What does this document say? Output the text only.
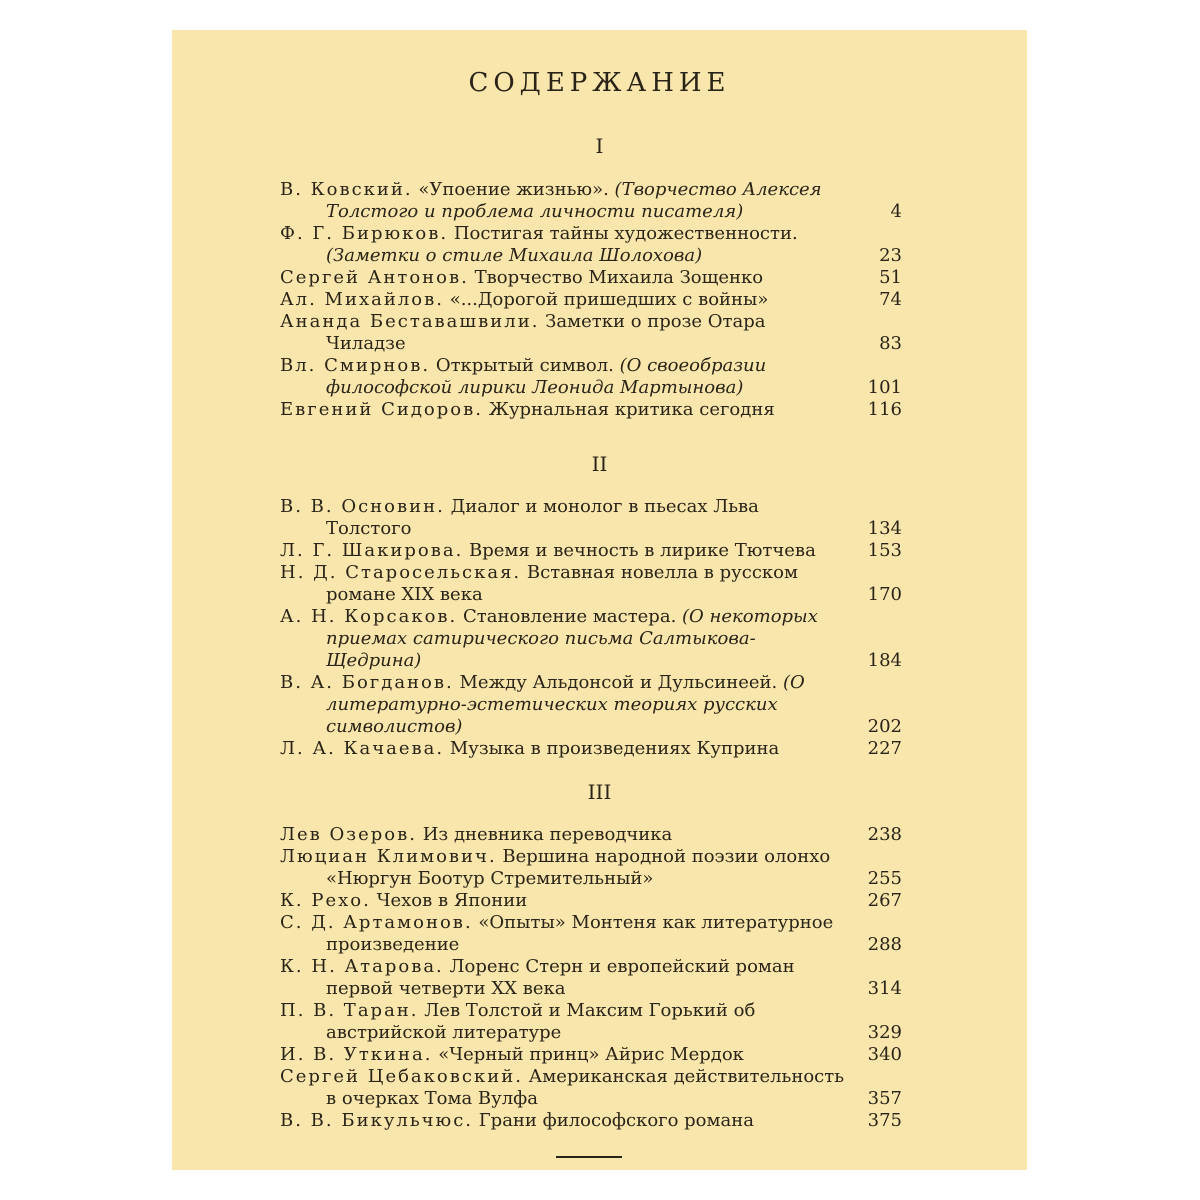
СОДЕРЖАНИЕ
I
В. Ковский. «Упоение жизнью». (Творчество Алексея Толстого и проблема личности писателя)	4
Ф. Г. Бирюков. Постигая тайны художественности. (Заметки о стиле Михаила Шолохова)	23
Сергей Антонов. Творчество Михаила Зощенко	51
Ал. Михайлов. «...Дорогой пришедших с войны»	74
Ананда Беставашвили. Заметки о прозе Отара Чиладзе	83
Вл. Смирнов. Открытый символ. (О своеобразии философской лирики Леонида Мартынова)	101
Евгений Сидоров. Журнальная критика сегодня	116
II
В. В. Основин. Диалог и монолог в пьесах Льва Толстого	134
Л. Г. Шакирова. Время и вечность в лирике Тютчева	153
Н. Д. Старосельская. Вставная новелла в русском романе XIX века	170
А. Н. Корсаков. Становление мастера. (О некоторых приемах сатирического письма Салтыкова-Щедрина)	184
В. А. Богданов. Между Альдонсой и Дульсинеей. (О литературно-эстетических теориях русских символистов)	202
Л. А. Качаева. Музыка в произведениях Куприна	227
III
Лев Озеров. Из дневника переводчика	238
Люциан Климович. Вершина народной поэзии олонхо «Нюргун Боотур Стремительный»	255
К. Рехо. Чехов в Японии	267
С. Д. Артамонов. «Опыты» Монтеня как литературное произведение	288
К. Н. Атарова. Лоренс Стерн и европейский роман первой четверти XX века	314
П. В. Таран. Лев Толстой и Максим Горький об австрийской литературе	329
И. В. Уткина. «Черный принц» Айрис Мердок	340
Сергей Цебаковский. Американская действительность в очерках Тома Вулфа	357
В. В. Бикульчюс. Грани философского романа	375
